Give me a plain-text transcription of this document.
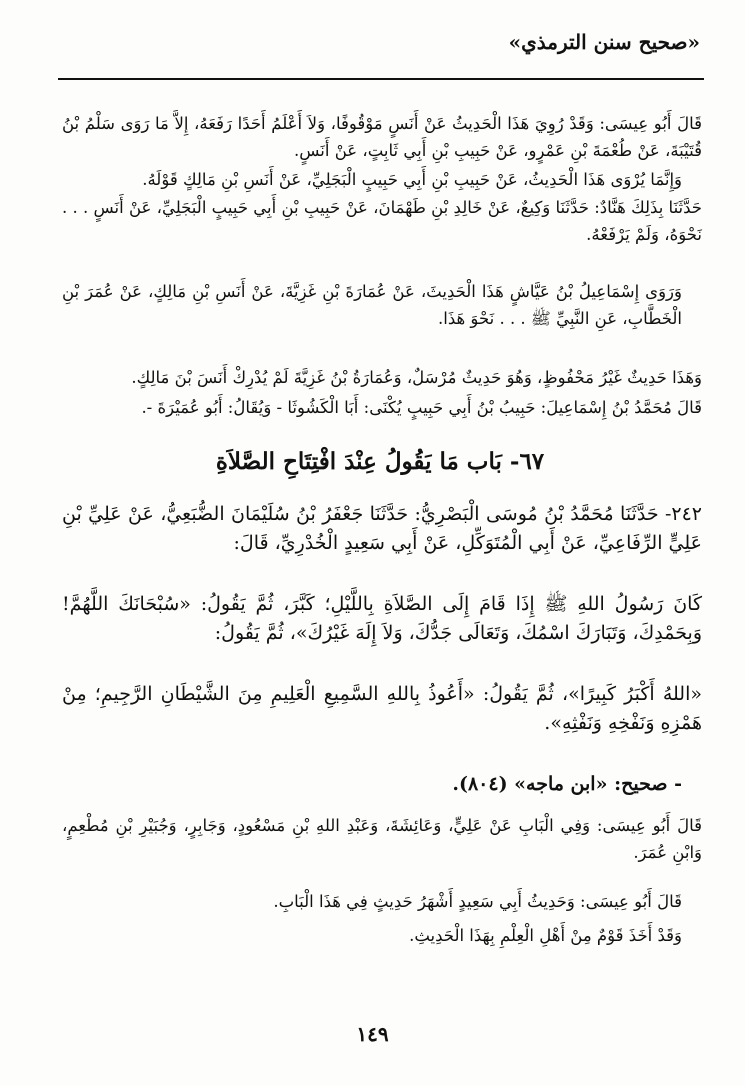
«صحيح سنن الترمذي»
قَالَ أَبُو عِيسَى: وَقَدْ رُوِيَ هَذَا الْحَدِيثُ عَنْ أَنَسٍ مَوْقُوفًا، وَلاَ أَعْلَمُ أَحَدًا رَفَعَهُ، إِلاَّ مَا رَوَى سَلْمُ بْنُ قُتَيْبَةَ، عَنْ طُعْمَةَ بْنِ عَمْرٍو، عَنْ حَبِيبِ بْنِ أَبِي ثَابِتٍ، عَنْ أَنَسٍ.
وَإِنَّمَا يُرْوَى هَذَا الْحَدِيثُ، عَنْ حَبِيبِ بْنِ أَبِي حَبِيبٍ الْبَجَلِيِّ، عَنْ أَنَسِ بْنِ مَالِكٍ قَوْلَهُ.
حَدَّثَنَا بِذَلِكَ هَنَّادٌ: حَدَّثَنَا وَكِيعٌ، عَنْ خَالِدِ بْنِ طَهْمَانَ، عَنْ حَبِيبِ بْنِ أَبِي حَبِيبٍ الْبَجَلِيِّ، عَنْ أَنَسٍ . . . نَحْوَهُ، وَلَمْ يَرْفَعْهُ.
وَرَوَى إِسْمَاعِيلُ بْنُ عَيَّاشٍ هَذَا الْحَدِيثَ، عَنْ عُمَارَةَ بْنِ غَزِيَّةَ، عَنْ أَنَسِ بْنِ مَالِكٍ، عَنْ عُمَرَ بْنِ الْخَطَّابِ، عَنِ النَّبِيِّ ﷺ . . . نَحْوَ هَذَا.
وَهَذَا حَدِيثٌ غَيْرُ مَحْفُوظٍ، وَهُوَ حَدِيثٌ مُرْسَلٌ، وَعُمَارَةُ بْنُ غَزِيَّةَ لَمْ يُدْرِكْ أَنَسَ بْنَ مَالِكٍ.
قَالَ مُحَمَّدُ بْنُ إِسْمَاعِيلَ: حَبِيبُ بْنُ أَبِي حَبِيبٍ يُكْنَى: أَبَا الْكَشُوثَا - وَيُقَالُ: أَبُو عُمَيْرَةَ -.
٦٧- بَاب مَا يَقُولُ عِنْدَ افْتِتَاحِ الصَّلاَةِ
٢٤٢- حَدَّثَنَا مُحَمَّدُ بْنُ مُوسَى الْبَصْرِيُّ: حَدَّثَنَا جَعْفَرُ بْنُ سُلَيْمَانَ الضُّبَعِيُّ، عَنْ عَلِيِّ بْنِ عَلِيٍّ الرِّفَاعِيِّ، عَنْ أَبِي الْمُتَوَكِّلِ، عَنْ أَبِي سَعِيدٍ الْخُدْرِيِّ، قَالَ:
كَانَ رَسُولُ اللهِ ﷺ إِذَا قَامَ إِلَى الصَّلاَةِ بِاللَّيْلِ؛ كَبَّرَ، ثُمَّ يَقُولُ: «سُبْحَانَكَ اللَّهُمَّ! وَبِحَمْدِكَ، وَتَبَارَكَ اسْمُكَ، وَتَعَالَى جَدُّكَ، وَلاَ إِلَهَ غَيْرُكَ»، ثُمَّ يَقُولُ:
«اللهُ أَكْبَرُ كَبِيرًا»، ثُمَّ يَقُولُ: «أَعُوذُ بِاللهِ السَّمِيعِ الْعَلِيمِ مِنَ الشَّيْطَانِ الرَّجِيمِ؛ مِنْ هَمْزِهِ وَنَفْخِهِ وَنَفْثِهِ».
- صحيح: «ابن ماجه» (٨٠٤).
قَالَ أَبُو عِيسَى: وَفِي الْبَابِ عَنْ عَلِيٍّ، وَعَائِشَةَ، وَعَبْدِ اللهِ بْنِ مَسْعُودٍ، وَجَابِرٍ، وَجُبَيْرِ بْنِ مُطْعِمٍ، وَابْنِ عُمَرَ.
قَالَ أَبُو عِيسَى: وَحَدِيثُ أَبِي سَعِيدٍ أَشْهَرُ حَدِيثٍ فِي هَذَا الْبَابِ.
وَقَدْ أَخَذَ قَوْمٌ مِنْ أَهْلِ الْعِلْمِ بِهَذَا الْحَدِيثِ.
١٤٩
